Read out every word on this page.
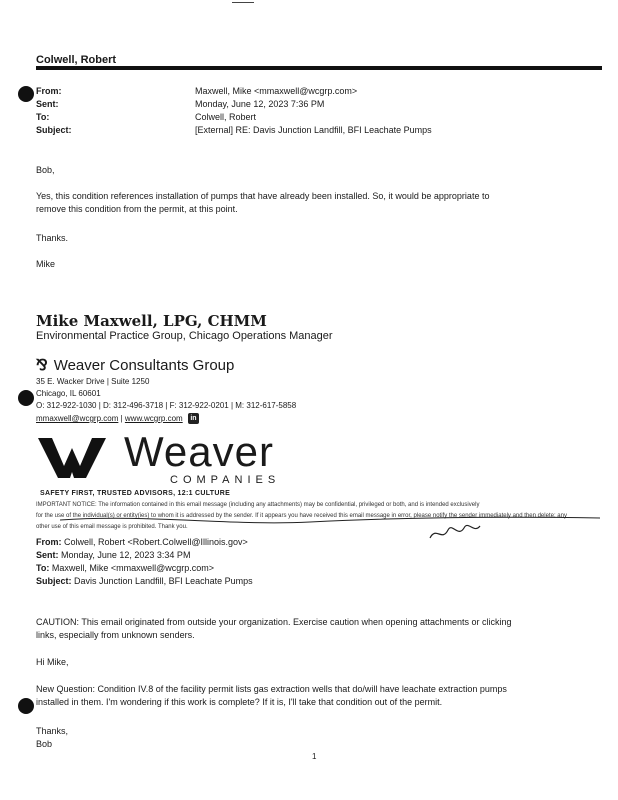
Colwell, Robert
From:	Maxwell, Mike <mmaxwell@wcgrp.com>
Sent:	Monday, June 12, 2023 7:36 PM
To:	Colwell, Robert
Subject:	[External] RE: Davis Junction Landfill, BFI Leachate Pumps
Bob,
Yes, this condition references installation of pumps that have already been installed. So, it would be appropriate to
remove this condition from the permit, at this point.
Thanks.
Mike
Mike Maxwell, LPG, CHMM
Environmental Practice Group, Chicago Operations Manager
⅋ Weaver Consultants Group
35 E. Wacker Drive | Suite 1250
Chicago, IL 60601
O: 312-922-1030 | D: 312-496-3718 | F: 312-922-0201 | M: 312-617-5858
mmaxwell@wcgrp.com | www.wcgrp.com in
Weaver
COMPANIES
SAFETY FIRST, TRUSTED ADVISORS, 12:1 CULTURE
IMPORTANT NOTICE: The information contained in this email message (including any attachments) may be confidential, privileged or both, and is intended exclusively
for the use of the individual(s) or entity(ies) to whom it is addressed by the sender. If it appears you have received this email message in error, please notify the sender immediately and then delete; any
other use of this email message is prohibited. Thank you.
From: Colwell, Robert <Robert.Colwell@Illinois.gov>
Sent: Monday, June 12, 2023 3:34 PM
To: Maxwell, Mike <mmaxwell@wcgrp.com>
Subject: Davis Junction Landfill, BFI Leachate Pumps
CAUTION: This email originated from outside your organization. Exercise caution when opening attachments or clicking
links, especially from unknown senders.
Hi Mike,
New Question: Condition IV.8 of the facility permit lists gas extraction wells that do/will have leachate extraction pumps
installed in them. I'm wondering if this work is complete? If it is, I'll take that condition out of the permit.
Thanks,
Bob
1
